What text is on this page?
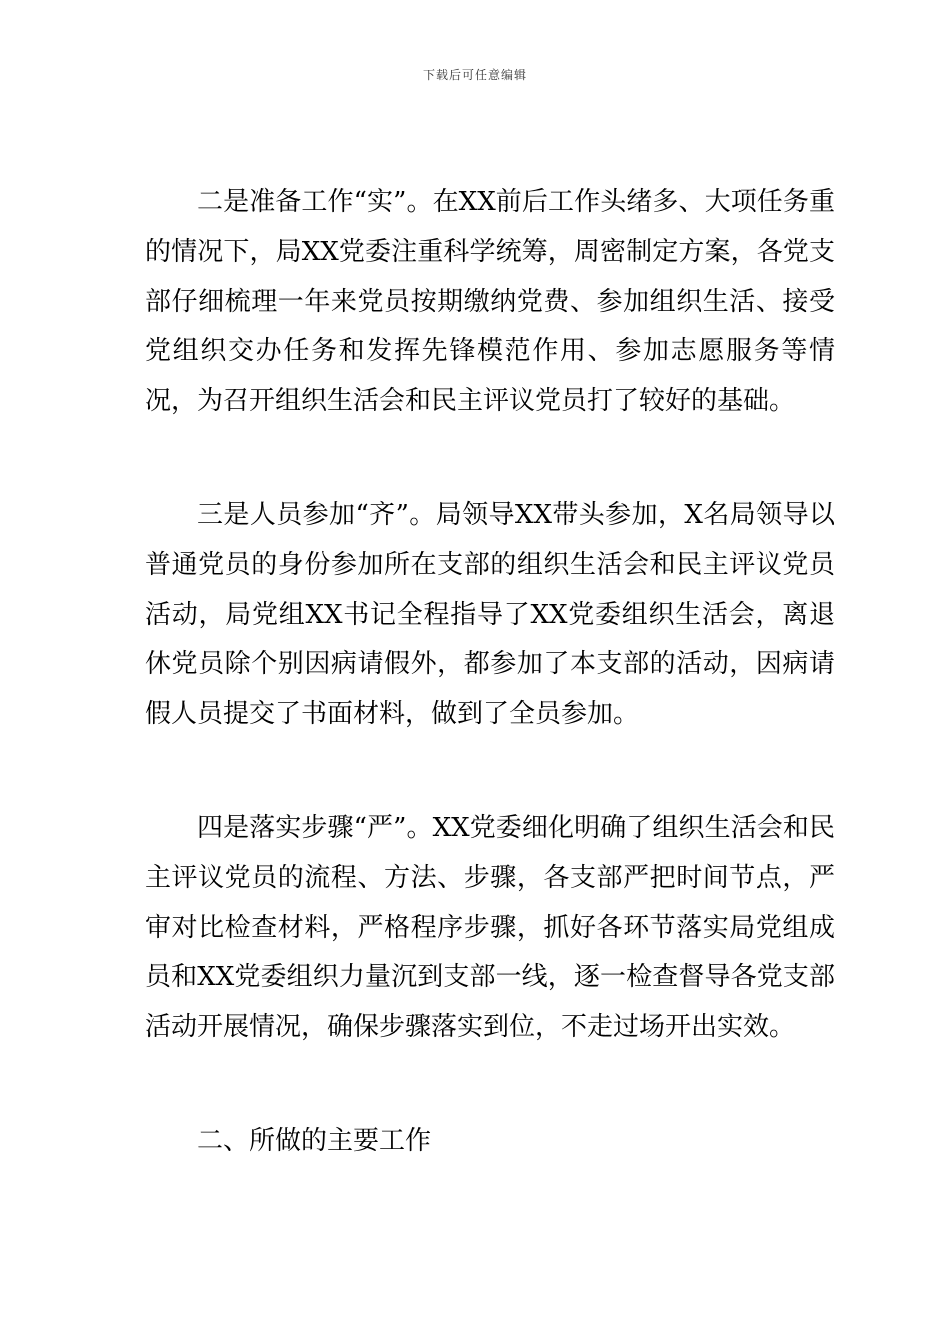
下载后可任意编辑

二是准备工作“实”。在XX前后工作头绪多、大项任务重的情况下，局XX党委注重科学统筹，周密制定方案，各党支部仔细梳理一年来党员按期缴纳党费、参加组织生活、接受党组织交办任务和发挥先锋模范作用、参加志愿服务等情况，为召开组织生活会和民主评议党员打了较好的基础。

三是人员参加“齐”。局领导XX带头参加，X名局领导以普通党员的身份参加所在支部的组织生活会和民主评议党员活动，局党组XX书记全程指导了XX党委组织生活会，离退休党员除个别因病请假外，都参加了本支部的活动，因病请假人员提交了书面材料，做到了全员参加。

四是落实步骤“严”。XX党委细化明确了组织生活会和民主评议党员的流程、方法、步骤，各支部严把时间节点，严审对比检查材料，严格程序步骤，抓好各环节落实局党组成员和XX党委组织力量沉到支部一线，逐一检查督导各党支部活动开展情况，确保步骤落实到位，不走过场开出实效。

二、所做的主要工作
